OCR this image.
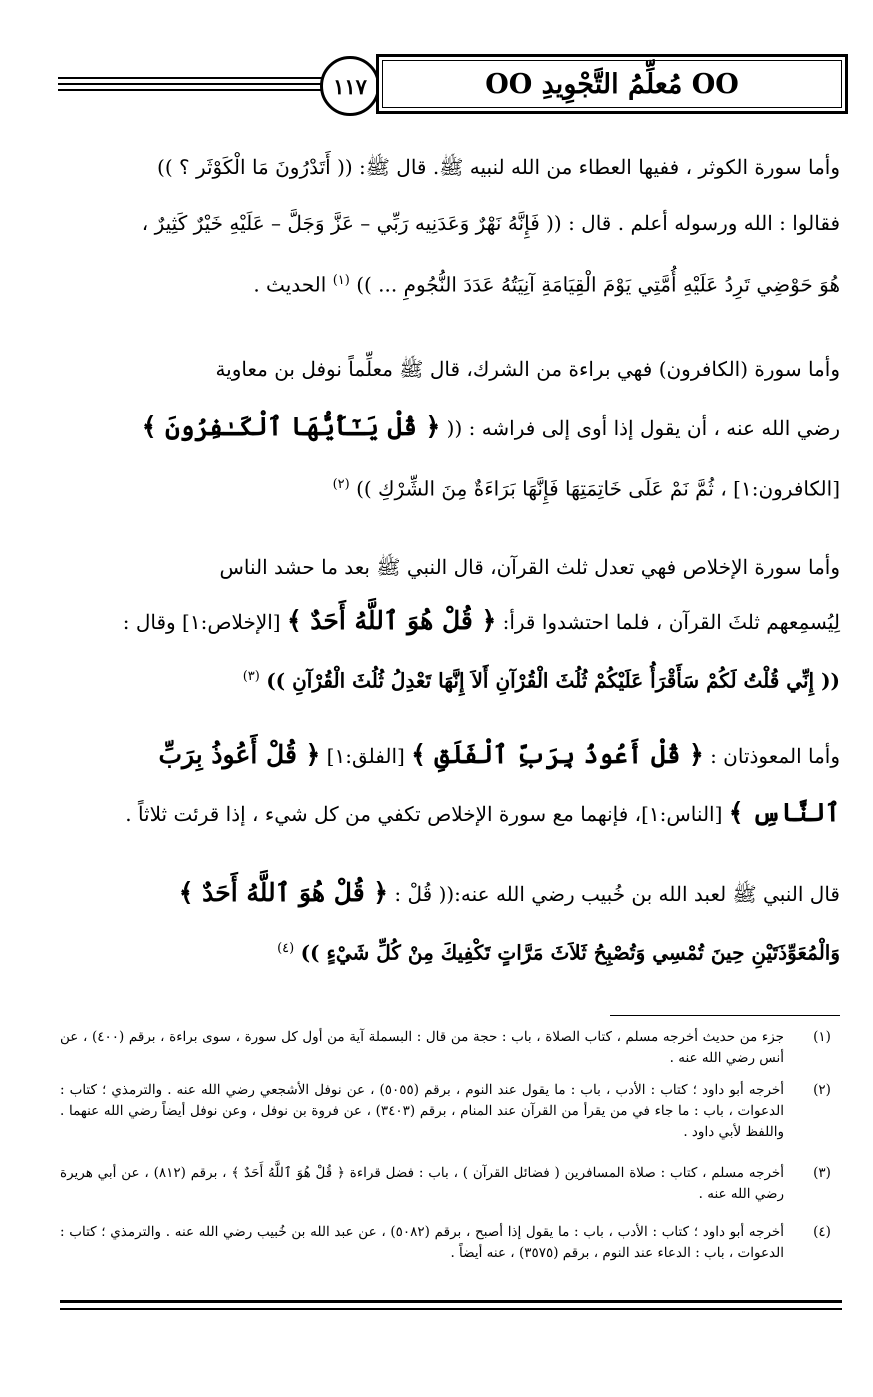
١١٧	OO مُعلِّمُ التَّجْوِيدِ OO
وأما سورة الكوثر ، ففيها العطاء من الله لنبيه ﷺ. قال ﷺ: (( أَتَدْرُونَ مَا الْكَوْثَر ؟ ))
فقالوا : الله ورسوله أعلم . قال : (( فَإِنَّهُ نَهْرٌ وَعَدَنِيه رَبِّي – عَزَّ وَجَلَّ – عَلَيْهِ خَيْرٌ كَثِيرٌ ،
هُوَ حَوْضِي تَرِدُ عَلَيْهِ أُمَّتِي يَوْمَ الْقِيَامَةِ آنِيَتُهُ عَدَدَ النُّجُومِ ... )) $^{(١)}$ الحديث .
وأما سورة (الكافرون) فهي براءة من الشرك، قال ﷺ معلِّماً نوفل بن معاوية
رضي الله عنه ، أن يقول إذا أوى إلى فراشه : (( ﴿ قُلْ يَـٰٓأَيُّهَا ٱلْكَـٰفِرُونَ ﴾
[الكافرون:١] ، ثُمَّ نَمْ عَلَى خَاتِمَتِهَا فَإِنَّهَا بَرَاءَةٌ مِنَ الشِّرْكِ )) $^{(٢)}$
وأما سورة الإخلاص فهي تعدل ثلث القرآن، قال النبي ﷺ بعد ما حشد الناس
لِيُسمِعهم ثلثَ القرآن ، فلما احتشدوا قرأ: ﴿ قُلْ هُوَ ٱللَّهُ أَحَدٌ ﴾ [الإخلاص:١] وقال :
(( إِنِّي قُلْتُ لَكُمْ سَأَقْرَأُ عَلَيْكُمْ ثُلُثَ الْقُرْآنِ أَلاَ إِنَّهَا تَعْدِلُ ثُلُثَ الْقُرْآنِ )) $^{(٣)}$
وأما المعوذتان : ﴿ قُلْ أَعُوذُ بِرَبِّ ٱلْفَلَقِ ﴾ [الفلق:١] ﴿ قُلْ أَعُوذُ بِرَبِّ
ٱلنَّاسِ ﴾ [الناس:١]، فإنهما مع سورة الإخلاص تكفي من كل شيء ، إذا قرئت ثلاثاً .
قال النبي ﷺ لعبد الله بن خُبيب رضي الله عنه:(( قُلْ : ﴿ قُلْ هُوَ ٱللَّهُ أَحَدٌ ﴾
وَالْمُعَوِّذَتَيْنِ حِينَ تُمْسِي وَتُصْبِحُ ثَلاَثَ مَرَّاتٍ تَكْفِيكَ مِنْ كُلِّ شَيْءٍ )) $^{(٤)}$
(١)
جزء من حديث أخرجه مسلم ، كتاب الصلاة ، باب : حجة من قال : البسملة آية من أول كل سورة ، سوى براءة ، برقم (٤٠٠) ، عن أنس رضي الله عنه .
(٢)
أخرجه أبو داود ؛ كتاب : الأدب ، باب : ما يقول عند النوم ، برقم (٥٠٥٥) ، عن نوفل الأشجعي رضي الله عنه . والترمذي ؛ كتاب : الدعوات ، باب : ما جاء في من يقرأ من القرآن عند المنام ، برقم (٣٤٠٣) ، عن فروة بن نوفل ، وعن نوفل أيضاً رضي الله عنهما . واللفظ لأبي داود .
(٣)
أخرجه مسلم ، كتاب : صلاة المسافرين ( فضائل القرآن ) ، باب : فضل قراءة ﴿ قُلْ هُوَ ٱللَّهُ أَحَدٌ ﴾ ، برقم (٨١٢) ، عن أبي هريرة رضي الله عنه .
(٤)
أخرجه أبو داود ؛ كتاب : الأدب ، باب : ما يقول إذا أصبح ، برقم (٥٠٨٢) ، عن عبد الله بن خُبيب رضي الله عنه . والترمذي ؛ كتاب : الدعوات ، باب : الدعاء عند النوم ، برقم (٣٥٧٥) ، عنه أيضاً .
